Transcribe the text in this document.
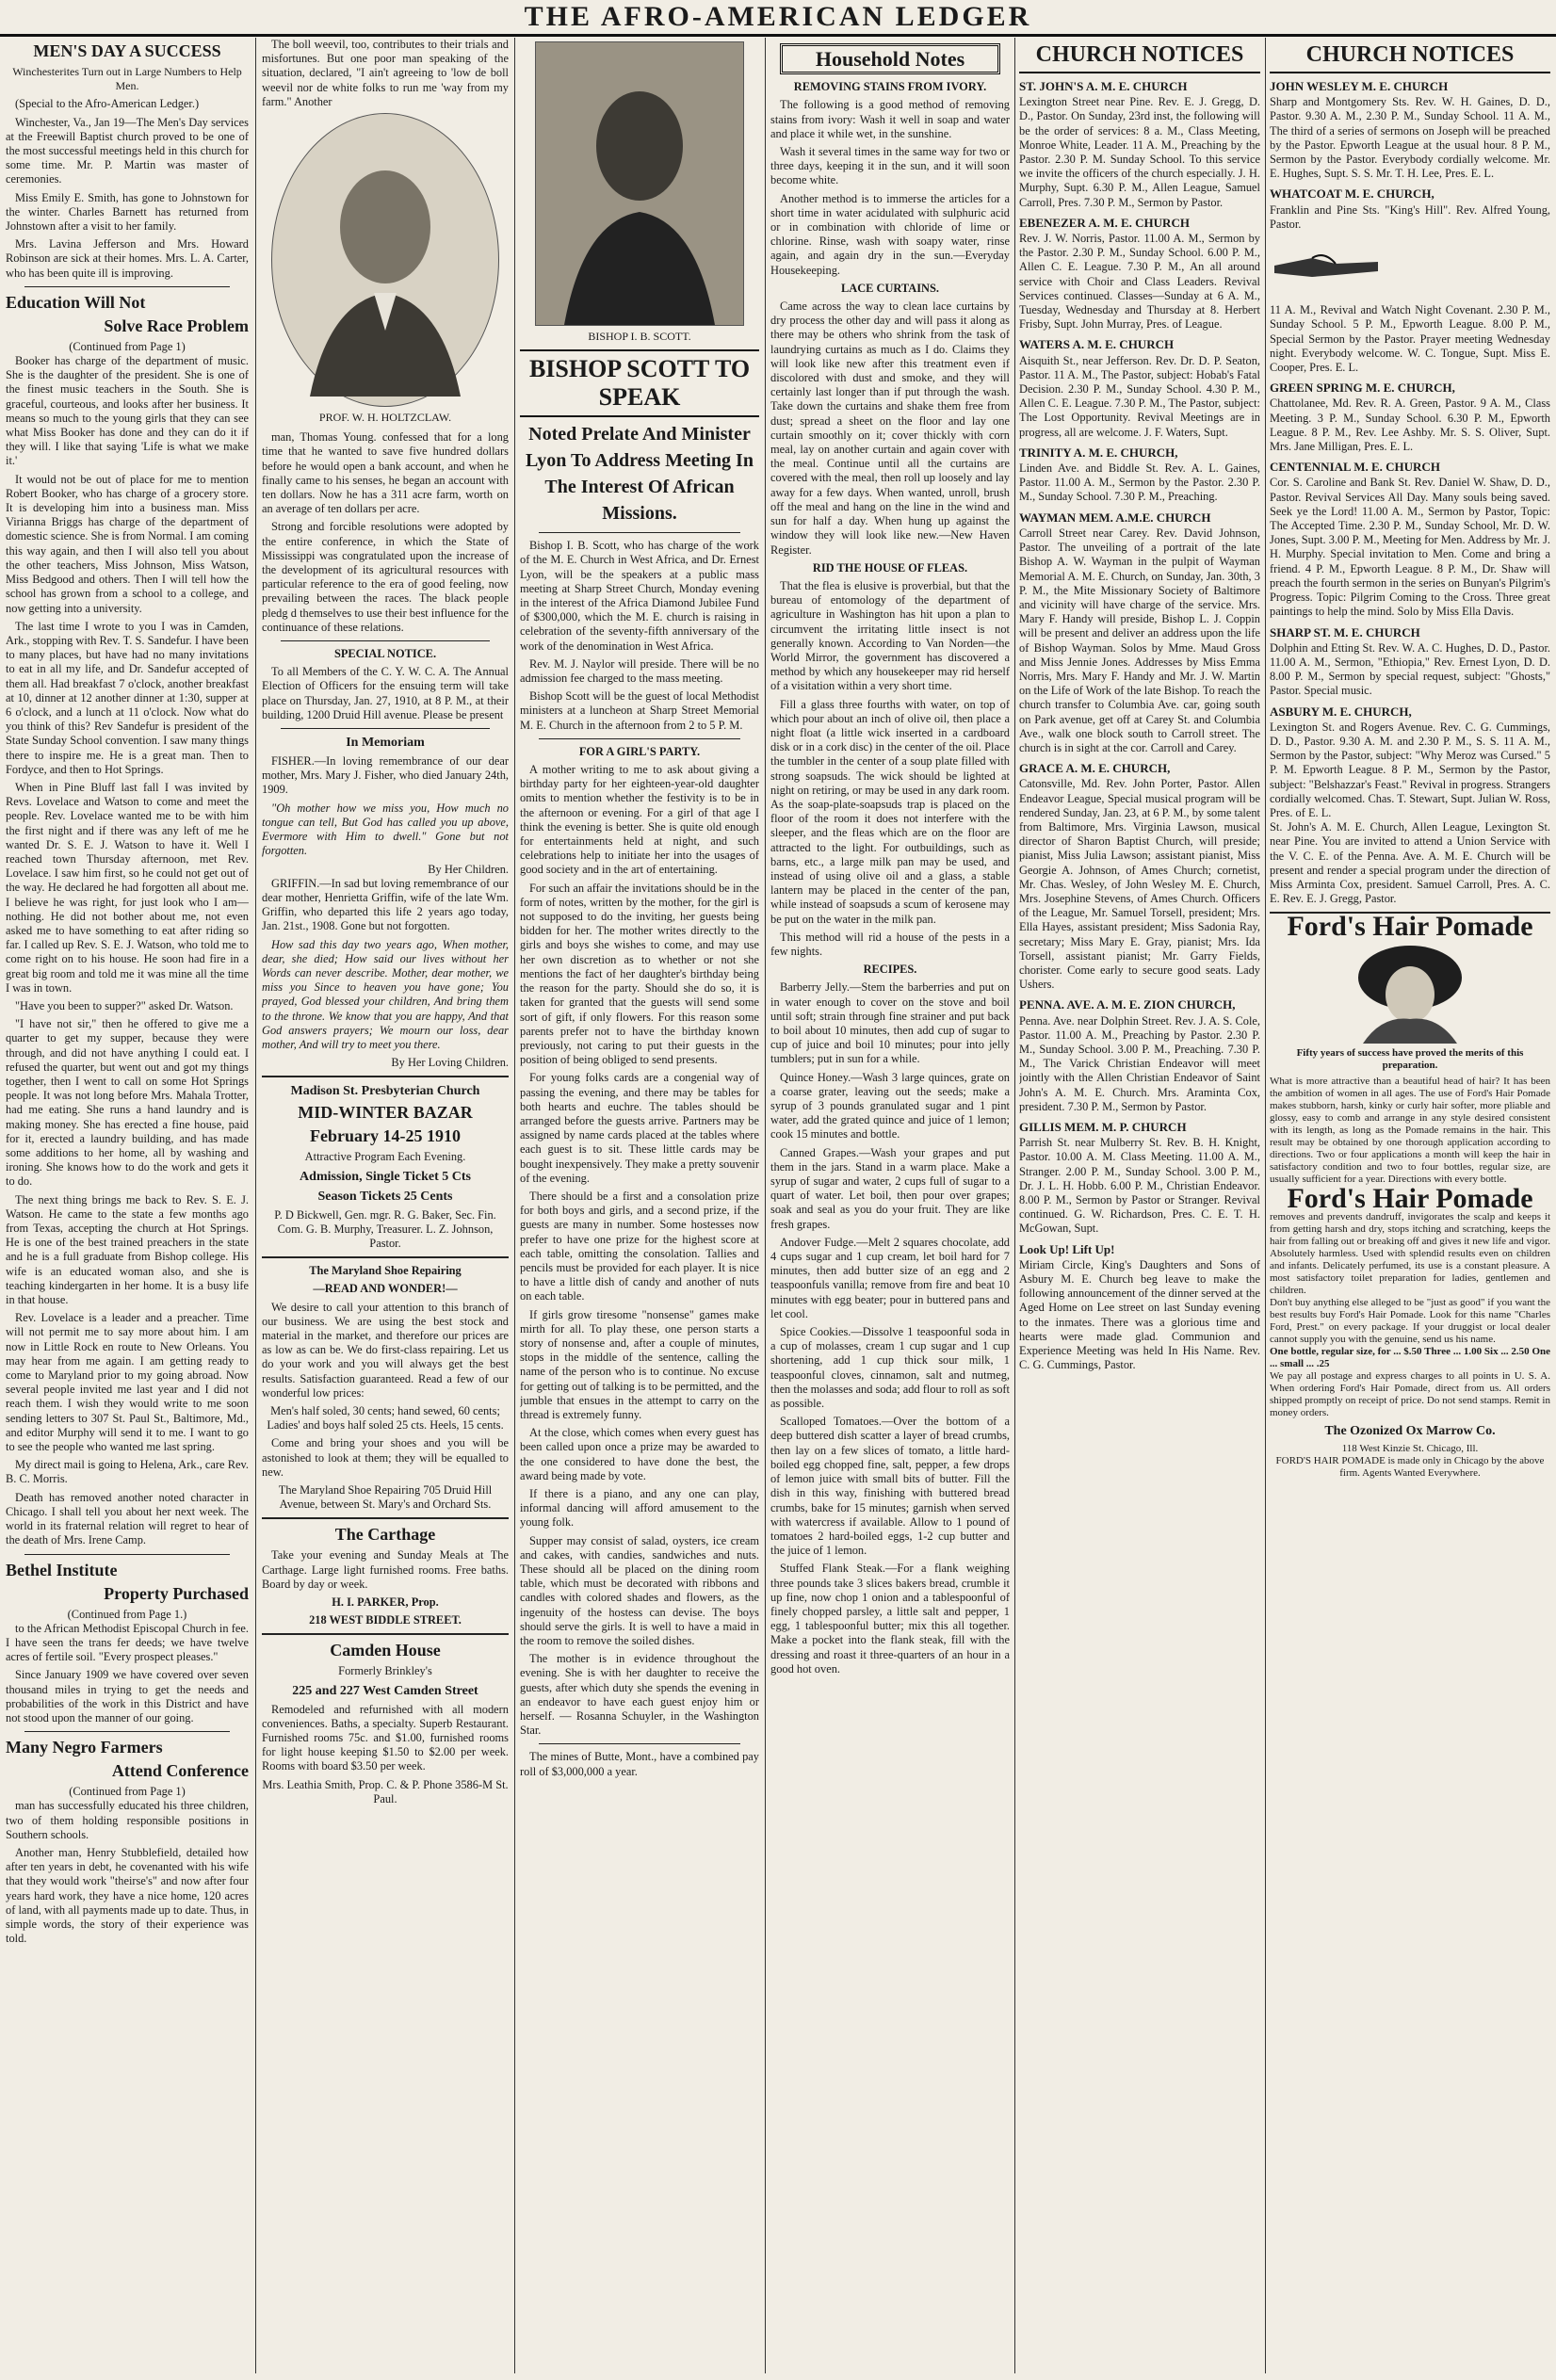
THE AFRO-AMERICAN LEDGER
MEN'S DAY A SUCCESS
Winchesterites Turn out in Large Numbers to Help Men.

(Special to the Afro-American Ledger.)

Winchester, Va., Jan 19—The Men's Day services at the Freewill Baptist church proved to be one of the most successful meetings held in this church for some time. Mr. P. Martin was master of ceremonies.

Miss Emily E. Smith, has gone to Johnstown for the winter. Charles Barnett has returned from Johnstown after a visit to her family.

Mrs. Lavina Jefferson and Mrs. Howard Robinson are sick at their homes. Mrs. L. A. Carter, who has been quite ill is improving.

Education Will Not
Solve Race Problem
(Continued from Page 1)

Booker has charge of the department of music. She is the daughter of the president. She is one of the finest music teachers in the South. She is graceful, courteous, and looks after her business. It means so much to the young girls that they can see what Miss Booker has done and they can do it if they will. I like that saying 'Life is what we make it.'

It would not be out of place for me to mention Robert Booker, who has charge of a grocery store. It is developing him into a business man. Miss Virianna Briggs has charge of the department of domestic science. She is from Normal. I am coming this way again, and then I will also tell you about the other teachers, Miss Johnson, Miss Watson, Miss Bedgood and others. Then I will tell how the school has grown from a school to a college, and now getting into a university.

The last time I wrote to you I was in Camden, Ark., stopping with Rev. T. S. Sandefur. I have been to many places, but have had no many invitations to eat in all my life, and Dr. Sandefur accepted of them all. Had breakfast 7 o'clock, another breakfast at 10, dinner at 12 another dinner at 1:30, supper at 6 o'clock, and a lunch at 11 o'clock. Now what do you think of this? Rev Sandefur is president of the State Sunday School convention. I saw many things there to inspire me. He is a great man. Then to Fordyce, and then to Hot Springs.

When in Pine Bluff last fall I was invited by Revs. Lovelace and Watson to come and meet the people. Rev. Lovelace wanted me to be with him the first night and if there was any left of me he wanted Dr. S. E. J. Watson to have it. Well I reached town Thursday afternoon, met Rev. Lovelace. I saw him first, so he could not get out of the way. He declared he had forgotten all about me. I believe he was right, for just look who I am—nothing. He did not bother about me, not even asked me to have something to eat after riding so far. I called up Rev. S. E. J. Watson, who told me to come right on to his house. He soon had fire in a great big room and told me it was mine all the time I was in town.

"Have you been to supper?" asked Dr. Watson.

"I have not sir," then he offered to give me a quarter to get my supper, because they were through, and did not have anything I could eat. I refused the quarter, but went out and got my things together, then I went to call on some Hot Springs people. It was not long before Mrs. Mahala Trotter, had me eating. She runs a hand laundry and is making money. She has erected a fine house, paid for it, erected a laundry building, and has made some additions to her home, all by washing and ironing. She knows how to do the work and gets it to do.

The next thing brings me back to Rev. S. E. J. Watson. He came to the state a few months ago from Texas, accepting the church at Hot Springs. He is one of the best trained preachers in the state and he is a full graduate from Bishop college. His wife is an educated woman also, and she is teaching kindergarten in her home. It is a busy life in that house.

Rev. Lovelace is a leader and a preacher. Time will not permit me to say more about him. I am now in Little Rock en route to New Orleans. You may hear from me again. I am getting ready to come to Maryland prior to my going abroad. Now several people invited me last year and I did not reach them. I wish they would write to me soon sending letters to 307 St. Paul St., Baltimore, Md., and editor Murphy will send it to me. I want to go to see the people who wanted me last spring.

My direct mail is going to Helena, Ark., care Rev. B. C. Morris.

Death has removed another noted character in Chicago. I shall tell you about her next week. The world in its fraternal relation will regret to hear of the death of Mrs. Irene Camp.

Bethel Institute
Property Purchased
(Continued from Page 1.)

to the African Methodist Episcopal Church in fee. I have seen the trans fer deeds; we have twelve acres of fertile soil. "Every prospect pleases."

Since January 1909 we have covered over seven thousand miles in trying to get the needs and probabilities of the work in this District and have not stood upon the manner of our going.

Many Negro Farmers
Attend Conference
(Continued from Page 1)

man has successfully educated his three children, two of them holding responsible positions in Southern schools.

Another man, Henry Stubblefield, detailed how after ten years in debt, he covenanted with his wife that they would work "theirse's" and now after four years hard work, they have a nice home, 120 acres of land, with all payments made up to date. Thus, in simple words, the story of their experience was told.

The boll weevil, too, contributes to their trials and misfortunes. But one poor man speaking of the situation, declared, "I ain't agreeing to 'low de boll weevil nor de white folks to run me 'way from my farm." Another

PROF. W. H. HOLTZCLAW.

man, Thomas Young. confessed that for a long time that he wanted to save five hundred dollars before he would open a bank account, and when he finally came to his senses, he began an account with ten dollars. Now he has a 311 acre farm, worth on an average of ten dollars per acre.

Strong and forcible resolutions were adopted by the entire conference, in which the State of Mississippi was congratulated upon the increase of the development of its agricultural resources with particular reference to the era of good feeling, now prevailing between the races. The black people pledg d themselves to use their best influence for the continuance of these relations.

SPECIAL NOTICE.

To all Members of the C. Y. W. C. A. The Annual Election of Officers for the ensuing term will take place on Thursday, Jan. 27, 1910, at 8 P. M., at their building, 1200 Druid Hill avenue. Please be present

In Memoriam

FISHER.—In loving remembrance of our dear mother, Mrs. Mary J. Fisher, who died January 24th, 1909.

"Oh mother how we miss you, How much no tongue can tell, But God has called you up above, Evermore with Him to dwell." Gone but not forgotten.

By Her Children.

GRIFFIN.—In sad but loving remembrance of our dear mother, Henrietta Griffin, wife of the late Wm. Griffin, who departed this life 2 years ago today, Jan. 21st., 1908. Gone but not forgotten.

How sad this day two years ago, When mother, dear, she died; How said our lives without her Words can never describe. Mother, dear mother, we miss you Since to heaven you have gone; You prayed, God blessed your children, And bring them to the throne. We know that you are happy, And that God answers prayers; We mourn our loss, dear mother, And will try to meet you there.

By Her Loving Children.
Madison St. Presbyterian Church
MID-WINTER BAZAR
February 14-25 1910
Attractive Program Each Evening.
Admission, Single Ticket 5 Cts
Season Tickets 25 Cents
P. D Bickwell, Gen. mgr. R. G. Baker, Sec. Fin. Com. G. B. Murphy, Treasurer. L. Z. Johnson, Pastor.
The Maryland Shoe Repairing
—READ AND WONDER!—

We desire to call your attention to this branch of our business. We are using the best stock and material in the market, and therefore our prices are as low as can be. We do first-class repairing. Let us do your work and you will always get the best results. Satisfaction guaranteed. Read a few of our wonderful low prices:

Men's half soled, 30 cents; hand sewed, 60 cents; Ladies' and boys half soled 25 cts. Heels, 15 cents.

Come and bring your shoes and you will be astonished to look at them; they will be equalled to new.

The Maryland Shoe Repairing 705 Druid Hill Avenue, between St. Mary's and Orchard Sts.

The Carthage

Take your evening and Sunday Meals at The Carthage. Large light furnished rooms. Free baths. Board by day or week.

H. I. PARKER, Prop.
218 WEST BIDDLE STREET.
Camden House
Formerly Brinkley's
225 and 227 West Camden Street

Remodeled and refurnished with all modern conveniences. Baths, a specialty. Superb Restaurant. Furnished rooms 75c. and $1.00, furnished rooms for light house keeping $1.50 to $2.00 per week. Rooms with board $3.50 per week.

Mrs. Leathia Smith, Prop. C. & P. Phone 3586-M St. Paul.
BISHOP I. B. SCOTT.
BISHOP SCOTT TO SPEAK
Noted Prelate And Minister Lyon To Address Meeting In The Interest Of African Missions.

Bishop I. B. Scott, who has charge of the work of the M. E. Church in West Africa, and Dr. Ernest Lyon, will be the speakers at a public mass meeting at Sharp Street Church, Monday evening in the interest of the Africa Diamond Jubilee Fund of $300,000, which the M. E. church is raising in celebration of the seventy-fifth anniversary of the work of the denomination in West Africa.

Rev. M. J. Naylor will preside. There will be no admission fee charged to the mass meeting.

Bishop Scott will be the guest of local Methodist ministers at a luncheon at Sharp Street Memorial M. E. Church in the afternoon from 2 to 5 P. M.

FOR A GIRL'S PARTY.

A mother writing to me to ask about giving a birthday party for her eighteen-year-old daughter omits to mention whether the festivity is to be in the afternoon or evening. For a girl of that age I think the evening is better. She is quite old enough for entertainments held at night, and such celebrations help to initiate her into the usages of good society and in the art of entertaining.

For such an affair the invitations should be in the form of notes, written by the mother, for the girl is not supposed to do the inviting, her guests being bidden for her. The mother writes directly to the girls and boys she wishes to come, and may use her own discretion as to whether or not she mentions the fact of her daughter's birthday being the reason for the party. Should she do so, it is taken for granted that the guests will send some sort of gift, if only flowers. For this reason some parents prefer not to have the birthday known previously, not caring to put their guests in the position of being obliged to send presents.

For young folks cards are a congenial way of passing the evening, and there may be tables for both hearts and euchre. The tables should be arranged before the guests arrive. Partners may be assigned by name cards placed at the tables where each guest is to sit. These little cards may be bought inexpensively. They make a pretty souvenir of the evening.

There should be a first and a consolation prize for both boys and girls, and a second prize, if the guests are many in number. Some hostesses now prefer to have one prize for the highest score at each table, omitting the consolation. Tallies and pencils must be provided for each player. It is nice to have a little dish of candy and another of nuts on each table.

If girls grow tiresome "nonsense" games make mirth for all. To play these, one person starts a story of nonsense and, after a couple of minutes, stops in the middle of the sentence, calling the name of the person who is to continue. No excuse for getting out of talking is to be permitted, and the jumble that ensues in the attempt to carry on the thread is extremely funny.

At the close, which comes when every guest has been called upon once a prize may be awarded to the one considered to have done the best, the award being made by vote.

If there is a piano, and any one can play, informal dancing will afford amusement to the young folk.

Supper may consist of salad, oysters, ice cream and cakes, with candies, sandwiches and nuts. These should all be placed on the dining room table, which must be decorated with ribbons and candles with colored shades and flowers, as the ingenuity of the hostess can devise. The boys should serve the girls. It is well to have a maid in the room to remove the soiled dishes.

The mother is in evidence throughout the evening. She is with her daughter to receive the guests, after which duty she spends the evening in an endeavor to have each guest enjoy him or herself. — Rosanna Schuyler, in the Washington Star.

The mines of Butte, Mont., have a combined pay roll of $3,000,000 a year.

Household Notes
REMOVING STAINS FROM IVORY.

The following is a good method of removing stains from ivory: Wash it well in soap and water and place it while wet, in the sunshine.

Wash it several times in the same way for two or three days, keeping it in the sun, and it will soon become white.

Another method is to immerse the articles for a short time in water acidulated with sulphuric acid or in combination with chloride of lime or chlorine. Rinse, wash with soapy water, rinse again, and again dry in the sun.—Everyday Housekeeping.

LACE CURTAINS.

Came across the way to clean lace curtains by dry process the other day and will pass it along as there may be others who shrink from the task of laundrying curtains as much as I do. Claims they will look like new after this treatment even if discolored with dust and smoke, and they will certainly last longer than if put through the wash. Take down the curtains and shake them free from dust; spread a sheet on the floor and lay one curtain smoothly on it; cover thickly with corn meal, lay on another curtain and again cover with the meal. Continue until all the curtains are covered with the meal, then roll up loosely and lay away for a few days. When wanted, unroll, brush off the meal and hang on the line in the wind and sun for half a day. When hung up against the window they will look like new.—New Haven Register.

RID THE HOUSE OF FLEAS.

That the flea is elusive is proverbial, but that the bureau of entomology of the department of agriculture in Washington has hit upon a plan to circumvent the irritating little insect is not generally known. According to Van Norden—the World Mirror, the government has discovered a method by which any housekeeper may rid herself of a visitation within a very short time.

Fill a glass three fourths with water, on top of which pour about an inch of olive oil, then place a night float (a little wick inserted in a cardboard disk or in a cork disc) in the center of the oil. Place the tumbler in the center of a soup plate filled with strong soapsuds. The wick should be lighted at night on retiring, or may be used in any dark room. As the soap-plate-soapsuds trap is placed on the floor of the room it does not interfere with the sleeper, and the fleas which are on the floor are attracted to the light. For outbuildings, such as barns, etc., a large milk pan may be used, and instead of using olive oil and a glass, a stable lantern may be placed in the center of the pan, while instead of soapsuds a scum of kerosene may be put on the water in the milk pan.

This method will rid a house of the pests in a few nights.

RECIPES.

Barberry Jelly.—Stem the barberries and put on in water enough to cover on the stove and boil until soft; strain through fine strainer and put back to boil about 10 minutes, then add cup of sugar to cup of juice and boil 10 minutes; pour into jelly tumblers; put in sun for a while.

Quince Honey.—Wash 3 large quinces, grate on a coarse grater, leaving out the seeds; make a syrup of 3 pounds granulated sugar and 1 pint water, add the grated quince and juice of 1 lemon; cook 15 minutes and bottle.

Canned Grapes.—Wash your grapes and put them in the jars. Stand in a warm place. Make a syrup of sugar and water, 2 cups full of sugar to a quart of water. Let boil, then pour over grapes; soak and seal as you do your fruit. They are like fresh grapes.

Andover Fudge.—Melt 2 squares chocolate, add 4 cups sugar and 1 cup cream, let boil hard for 7 minutes, then add butter size of an egg and 2 teaspoonfuls vanilla; remove from fire and beat 10 minutes with egg beater; pour in buttered pans and let cool.

Spice Cookies.—Dissolve 1 teaspoonful soda in a cup of molasses, cream 1 cup sugar and 1 cup shortening, add 1 cup thick sour milk, 1 teaspoonful cloves, cinnamon, salt and nutmeg, then the molasses and soda; add flour to roll as soft as possible.

Scalloped Tomatoes.—Over the bottom of a deep buttered dish scatter a layer of bread crumbs, then lay on a few slices of tomato, a little hard-boiled egg chopped fine, salt, pepper, a few drops of lemon juice with small bits of butter. Fill the dish in this way, finishing with buttered bread crumbs, bake for 15 minutes; garnish when served with watercress if available. Allow to 1 pound of tomatoes 2 hard-boiled eggs, 1-2 cup butter and the juice of 1 lemon.

Stuffed Flank Steak.—For a flank weighing three pounds take 3 slices bakers bread, crumble it up fine, now chop 1 onion and a tablespoonful of finely chopped parsley, a little salt and pepper, 1 egg, 1 tablespoonful butter; mix this all together. Make a pocket into the flank steak, fill with the dressing and roast it three-quarters of an hour in a good hot oven.

CHURCH NOTICES
ST. JOHN'S A. M. E. CHURCH

Lexington Street near Pine. Rev. E. J. Gregg, D. D., Pastor. On Sunday, 23rd inst, the following will be the order of services: 8 a. M., Class Meeting, Monroe White, Leader. 11 A. M., Preaching by the Pastor. 2.30 P. M. Sunday School. To this service we invite the officers of the church especially. J. H. Murphy, Supt. 6.30 P. M., Allen League, Samuel Carroll, Pres. 7.30 P. M., Sermon by Pastor.

EBENEZER A. M. E. CHURCH

Rev. J. W. Norris, Pastor. 11.00 A. M., Sermon by the Pastor. 2.30 P. M., Sunday School. 6.00 P. M., Allen C. E. League. 7.30 P. M., An all around service with Choir and Class Leaders. Revival Services continued. Classes—Sunday at 6 A. M., Tuesday, Wednesday and Thursday at 8. Herbert Frisby, Supt. John Murray, Pres. of League.

WATERS A. M. E. CHURCH

Aisquith St., near Jefferson. Rev. Dr. D. P. Seaton, Pastor. 11 A. M., The Pastor, subject: Hobab's Fatal Decision. 2.30 P. M., Sunday School. 4.30 P. M., Allen C. E. League. 7.30 P. M., The Pastor, subject: The Lost Opportunity. Revival Meetings are in progress, all are welcome. J. F. Waters, Supt.

TRINITY A. M. E. CHURCH,

Linden Ave. and Biddle St. Rev. A. L. Gaines, Pastor. 11.00 A. M., Sermon by the Pastor. 2.30 P. M., Sunday School. 7.30 P. M., Preaching.

WAYMAN MEM. A.M.E. CHURCH

Carroll Street near Carey. Rev. David Johnson, Pastor. The unveiling of a portrait of the late Bishop A. W. Wayman in the pulpit of Wayman Memorial A. M. E. Church, on Sunday, Jan. 30th, 3 P. M., the Mite Missionary Society of Baltimore and vicinity will have charge of the service. Mrs. Mary F. Handy will preside, Bishop L. J. Coppin will be present and deliver an address upon the life of Bishop Wayman. Solos by Mme. Maud Gross and Miss Jennie Jones. Addresses by Miss Emma Norris, Mrs. Mary F. Handy and Mr. J. W. Martin on the Life of Work of the late Bishop. To reach the church transfer to Columbia Ave. car, going south on Park avenue, get off at Carey St. and Columbia Ave., walk one block south to Carroll street. The church is in sight at the cor. Carroll and Carey.

GRACE A. M. E. CHURCH,

Catonsville, Md. Rev. John Porter, Pastor. Allen Endeavor League, Special musical program will be rendered Sunday, Jan. 23, at 6 P. M., by some talent from Baltimore, Mrs. Virginia Lawson, musical director of Sharon Baptist Church, will preside; pianist, Miss Julia Lawson; assistant pianist, Miss Georgie A. Johnson, of Ames Church; cornetist, Mr. Chas. Wesley, of John Wesley M. E. Church, Mrs. Josephine Stevens, of Ames Church. Officers of the League, Mr. Samuel Torsell, president; Mrs. Ella Hayes, assistant president; Miss Sadonia Ray, secretary; Miss Mary E. Gray, pianist; Mrs. Ida Torsell, assistant pianist; Mr. Garry Fields, chorister. Come early to secure good seats. Lady Ushers.

PENNA. AVE. A. M. E. ZION CHURCH,

Penna. Ave. near Dolphin Street. Rev. J. A. S. Cole, Pastor. 11.00 A. M., Preaching by Pastor. 2.30 P. M., Sunday School. 3.00 P. M., Preaching. 7.30 P. M., The Varick Christian Endeavor will meet jointly with the Allen Christian Endeavor of Saint John's A. M. E. Church. Mrs. Araminta Cox, president. 7.30 P. M., Sermon by Pastor.

GILLIS MEM. M. P. CHURCH

Parrish St. near Mulberry St. Rev. B. H. Knight, Pastor. 10.00 A. M. Class Meeting. 11.00 A. M., Stranger. 2.00 P. M., Sunday School. 3.00 P. M., Dr. J. L. H. Hobb. 6.00 P. M., Christian Endeavor. 8.00 P. M., Sermon by Pastor or Stranger. Revival continued. G. W. Richardson, Pres. C. E. T. H. McGowan, Supt.

Look Up! Lift Up!

Miriam Circle, King's Daughters and Sons of Asbury M. E. Church beg leave to make the following announcement of the dinner served at the Aged Home on Lee street on last Sunday evening to the inmates. There was a glorious time and hearts were made glad. Communion and Experience Meeting was held In His Name. Rev. C. G. Cummings, Pastor.

CHURCH NOTICES
JOHN WESLEY M. E. CHURCH

Sharp and Montgomery Sts. Rev. W. H. Gaines, D. D., Pastor. 9.30 A. M., 2.30 P. M., Sunday School. 11 A. M., The third of a series of sermons on Joseph will be preached by the Pastor. Epworth League at the usual hour. 8 P. M., Sermon by the Pastor. Everybody cordially welcome. Mr. E. Hughes, Supt. S. S. Mr. T. H. Lee, Pres. E. L.

WHATCOAT M. E. CHURCH,

Franklin and Pine Sts. "King's Hill". Rev. Alfred Young, Pastor.

11 A. M., Revival and Watch Night Covenant. 2.30 P. M., Sunday School. 5 P. M., Epworth League. 8.00 P. M., Special Sermon by the Pastor. Prayer meeting Wednesday night. Everybody welcome. W. C. Tongue, Supt. Miss E. Cooper, Pres. E. L.

GREEN SPRING M. E. CHURCH,

Chattolanee, Md. Rev. R. A. Green, Pastor. 9 A. M., Class Meeting. 3 P. M., Sunday School. 6.30 P. M., Epworth League. 8 P. M., Rev. Lee Ashby. Mr. S. S. Oliver, Supt. Mrs. Jane Milligan, Pres. E. L.

CENTENNIAL M. E. CHURCH

Cor. S. Caroline and Bank St. Rev. Daniel W. Shaw, D. D., Pastor. Revival Services All Day. Many souls being saved. Seek ye the Lord! 11.00 A. M., Sermon by Pastor, Topic: The Accepted Time. 2.30 P. M., Sunday School, Mr. D. W. Jones, Supt. 3.00 P. M., Meeting for Men. Address by Mr. J. H. Murphy. Special invitation to Men. Come and bring a friend. 4 P. M., Epworth League. 8 P. M., Dr. Shaw will preach the fourth sermon in the series on Bunyan's Pilgrim's Progress. Topic: Pilgrim Coming to the Cross. Three great paintings to help the mind. Solo by Miss Ella Davis.

SHARP ST. M. E. CHURCH

Dolphin and Etting St. Rev. W. A. C. Hughes, D. D., Pastor. 11.00 A. M., Sermon, "Ethiopia," Rev. Ernest Lyon, D. D. 8.00 P. M., Sermon by special request, subject: "Ghosts," Pastor. Special music.

ASBURY M. E. CHURCH,

Lexington St. and Rogers Avenue. Rev. C. G. Cummings, D. D., Pastor. 9.30 A. M. and 2.30 P. M., S. S. 11 A. M., Sermon by the Pastor, subject: "Why Meroz was Cursed." 5 P. M. Epworth League. 8 P. M., Sermon by the Pastor, subject: "Belshazzar's Feast." Revival in progress. Strangers cordially welcomed. Chas. T. Stewart, Supt. Julian W. Ross, Pres. of E. L.

St. John's A. M. E. Church, Allen League, Lexington St. near Pine. You are invited to attend a Union Service with the V. C. E. of the Penna. Ave. A. M. E. Church will be present and render a special program under the direction of Miss Arminta Cox, president. Samuel Carroll, Pres. A. C. E. Rev. E. J. Gregg, Pastor.

Ford's Hair Pomade
Fifty years of success have proved the merits of this preparation.

What is more attractive than a beautiful head of hair? It has been the ambition of women in all ages. The use of Ford's Hair Pomade makes stubborn, harsh, kinky or curly hair softer, more pliable and glossy, easy to comb and arrange in any style desired consistent with its length, as long as the Pomade remains in the hair. This result may be obtained by one thorough application according to directions. Two or four applications a month will keep the hair in satisfactory condition and two to four bottles, regular size, are usually sufficient for a year. Directions with every bottle.

Ford's Hair Pomade

removes and prevents dandruff, invigorates the scalp and keeps it from getting harsh and dry, stops itching and scratching, keeps the hair from falling out or breaking off and gives it new life and vigor. Absolutely harmless. Used with splendid results even on children and infants. Delicately perfumed, its use is a constant pleasure. A most satisfactory toilet preparation for ladies, gentlemen and children.

Don't buy anything else alleged to be "just as good" if you want the best results buy Ford's Hair Pomade. Look for this name "Charles Ford, Prest." on every package. If your druggist or local dealer cannot supply you with the genuine, send us his name.

One bottle, regular size, for ... $.50 Three ... 1.00 Six ... 2.50 One ... small ... .25

We pay all postage and express charges to all points in U. S. A. When ordering Ford's Hair Pomade, direct from us. All orders shipped promptly on receipt of price. Do not send stamps. Remit in money orders.

The Ozonized Ox Marrow Co.
118 West Kinzie St. Chicago, Ill.
FORD'S HAIR POMADE is made only in Chicago by the above firm. Agents Wanted Everywhere.
